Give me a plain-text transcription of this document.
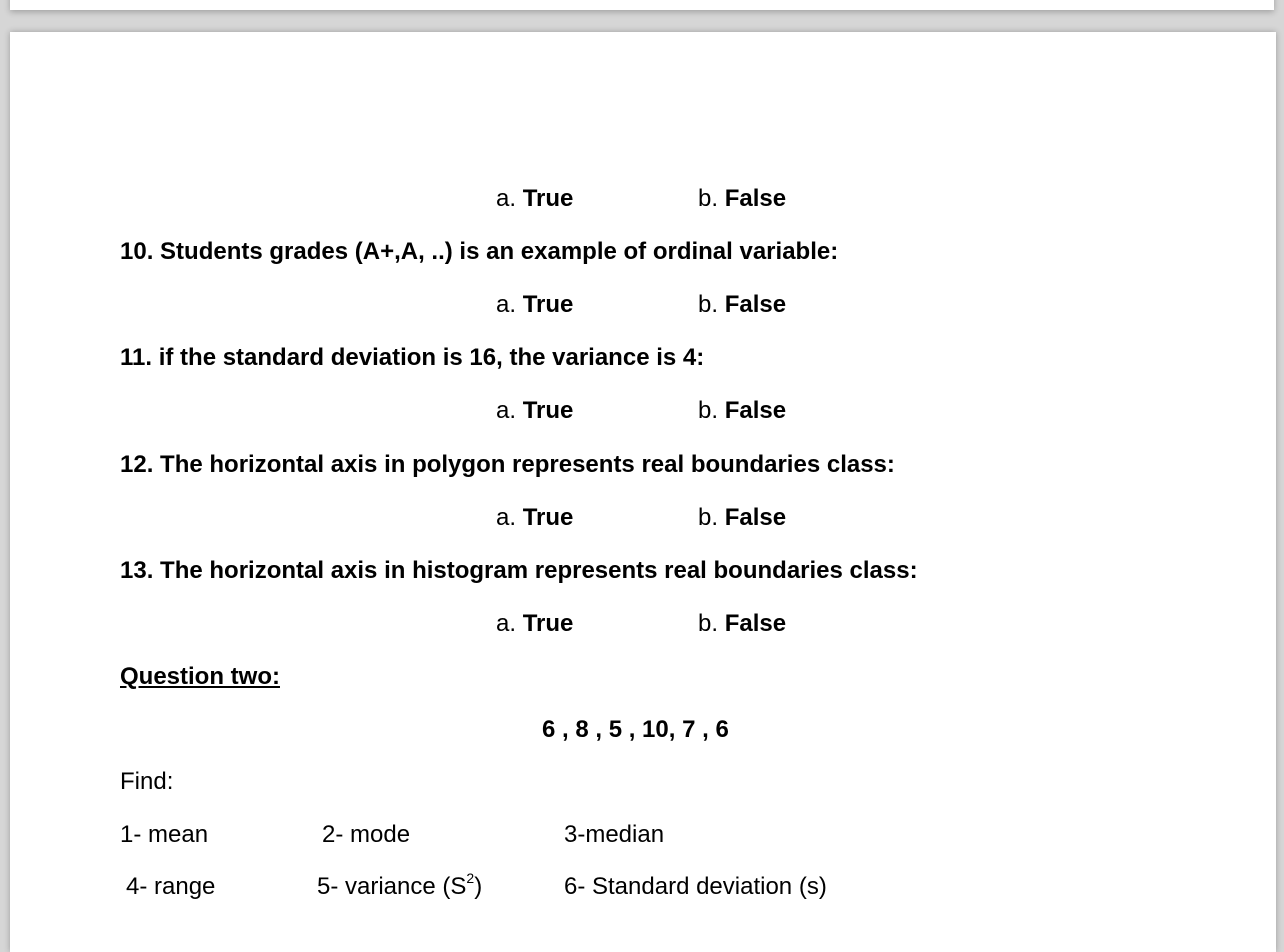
a. True	b. False
10. Students grades (A+,A, ..) is an example of ordinal variable:
a. True	b. False
11. if the standard deviation is 16, the variance is 4:
a. True	b. False
12. The horizontal axis in polygon represents real boundaries class:
a. True	b. False
13. The horizontal axis in histogram represents real boundaries class:
a. True	b. False
Question two:
6 , 8 , 5 , 10, 7 , 6
Find:
1- mean	2- mode	3-median
4- range	5- variance $(S^2)$	6- Standard deviation (s)
